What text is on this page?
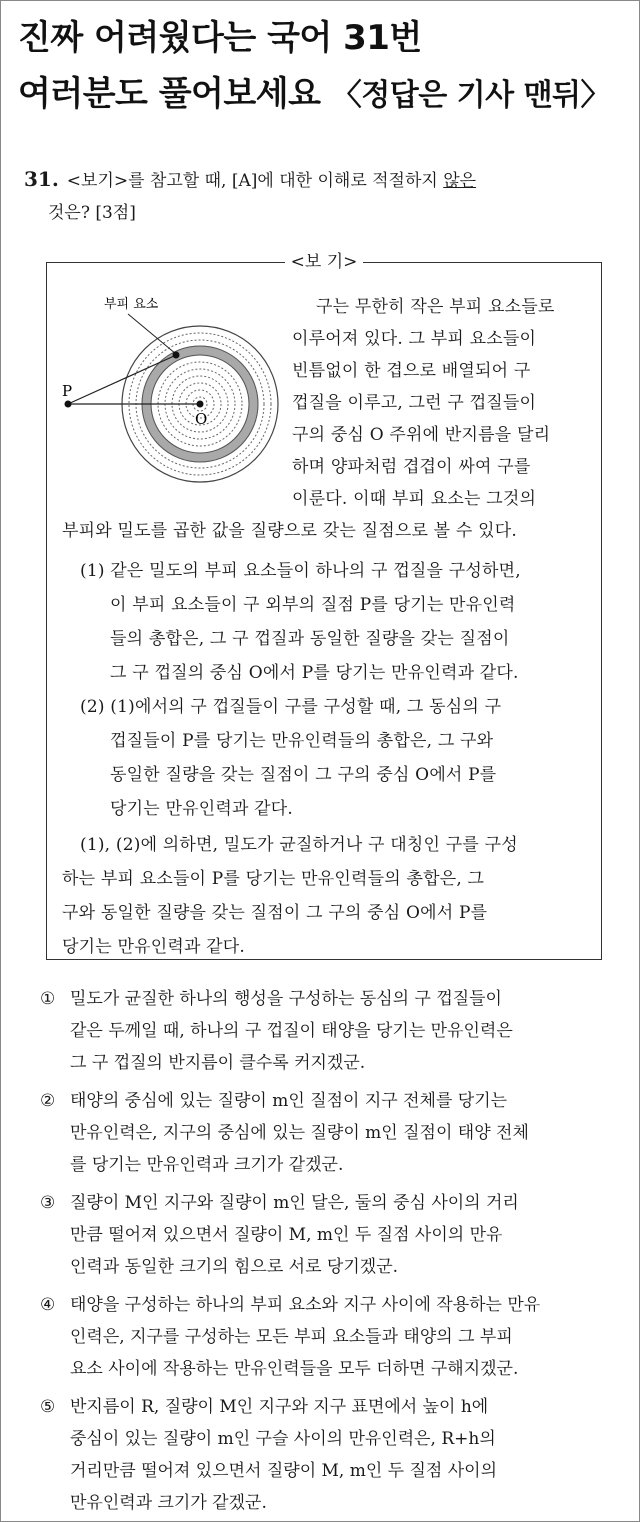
진짜 어려웠다는 국어 31번
여러분도 풀어보세요 〈정답은 기사 맨뒤〉
31. <보기>를 참고할 때, [A]에 대한 이해로 적절하지 않은
것은? [3점]
<보 기>
부피 요소
P
O
구는 무한히 작은 부피 요소들로
이루어져 있다. 그 부피 요소들이
빈틈없이 한 겹으로 배열되어 구
껍질을 이루고, 그런 구 껍질들이
구의 중심 O 주위에 반지름을 달리
하며 양파처럼 겹겹이 싸여 구를
이룬다. 이때 부피 요소는 그것의
부피와 밀도를 곱한 값을 질량으로 갖는 질점으로 볼 수 있다.
(1) 같은 밀도의 부피 요소들이 하나의 구 껍질을 구성하면,
이 부피 요소들이 구 외부의 질점 P를 당기는 만유인력
들의 총합은, 그 구 껍질과 동일한 질량을 갖는 질점이
그 구 껍질의 중심 O에서 P를 당기는 만유인력과 같다.
(2) (1)에서의 구 껍질들이 구를 구성할 때, 그 동심의 구
껍질들이 P를 당기는 만유인력들의 총합은, 그 구와
동일한 질량을 갖는 질점이 그 구의 중심 O에서 P를
당기는 만유인력과 같다.
(1), (2)에 의하면, 밀도가 균질하거나 구 대칭인 구를 구성
하는 부피 요소들이 P를 당기는 만유인력들의 총합은, 그
구와 동일한 질량을 갖는 질점이 그 구의 중심 O에서 P를
당기는 만유인력과 같다.
① 밀도가 균질한 하나의 행성을 구성하는 동심의 구 껍질들이
같은 두께일 때, 하나의 구 껍질이 태양을 당기는 만유인력은
그 구 껍질의 반지름이 클수록 커지겠군.
② 태양의 중심에 있는 질량이 m인 질점이 지구 전체를 당기는
만유인력은, 지구의 중심에 있는 질량이 m인 질점이 태양 전체
를 당기는 만유인력과 크기가 같겠군.
③ 질량이 M인 지구와 질량이 m인 달은, 둘의 중심 사이의 거리
만큼 떨어져 있으면서 질량이 M, m인 두 질점 사이의 만유
인력과 동일한 크기의 힘으로 서로 당기겠군.
④ 태양을 구성하는 하나의 부피 요소와 지구 사이에 작용하는 만유
인력은, 지구를 구성하는 모든 부피 요소들과 태양의 그 부피
요소 사이에 작용하는 만유인력들을 모두 더하면 구해지겠군.
⑤ 반지름이 R, 질량이 M인 지구와 지구 표면에서 높이 h에
중심이 있는 질량이 m인 구슬 사이의 만유인력은, R+h의
거리만큼 떨어져 있으면서 질량이 M, m인 두 질점 사이의
만유인력과 크기가 같겠군.
